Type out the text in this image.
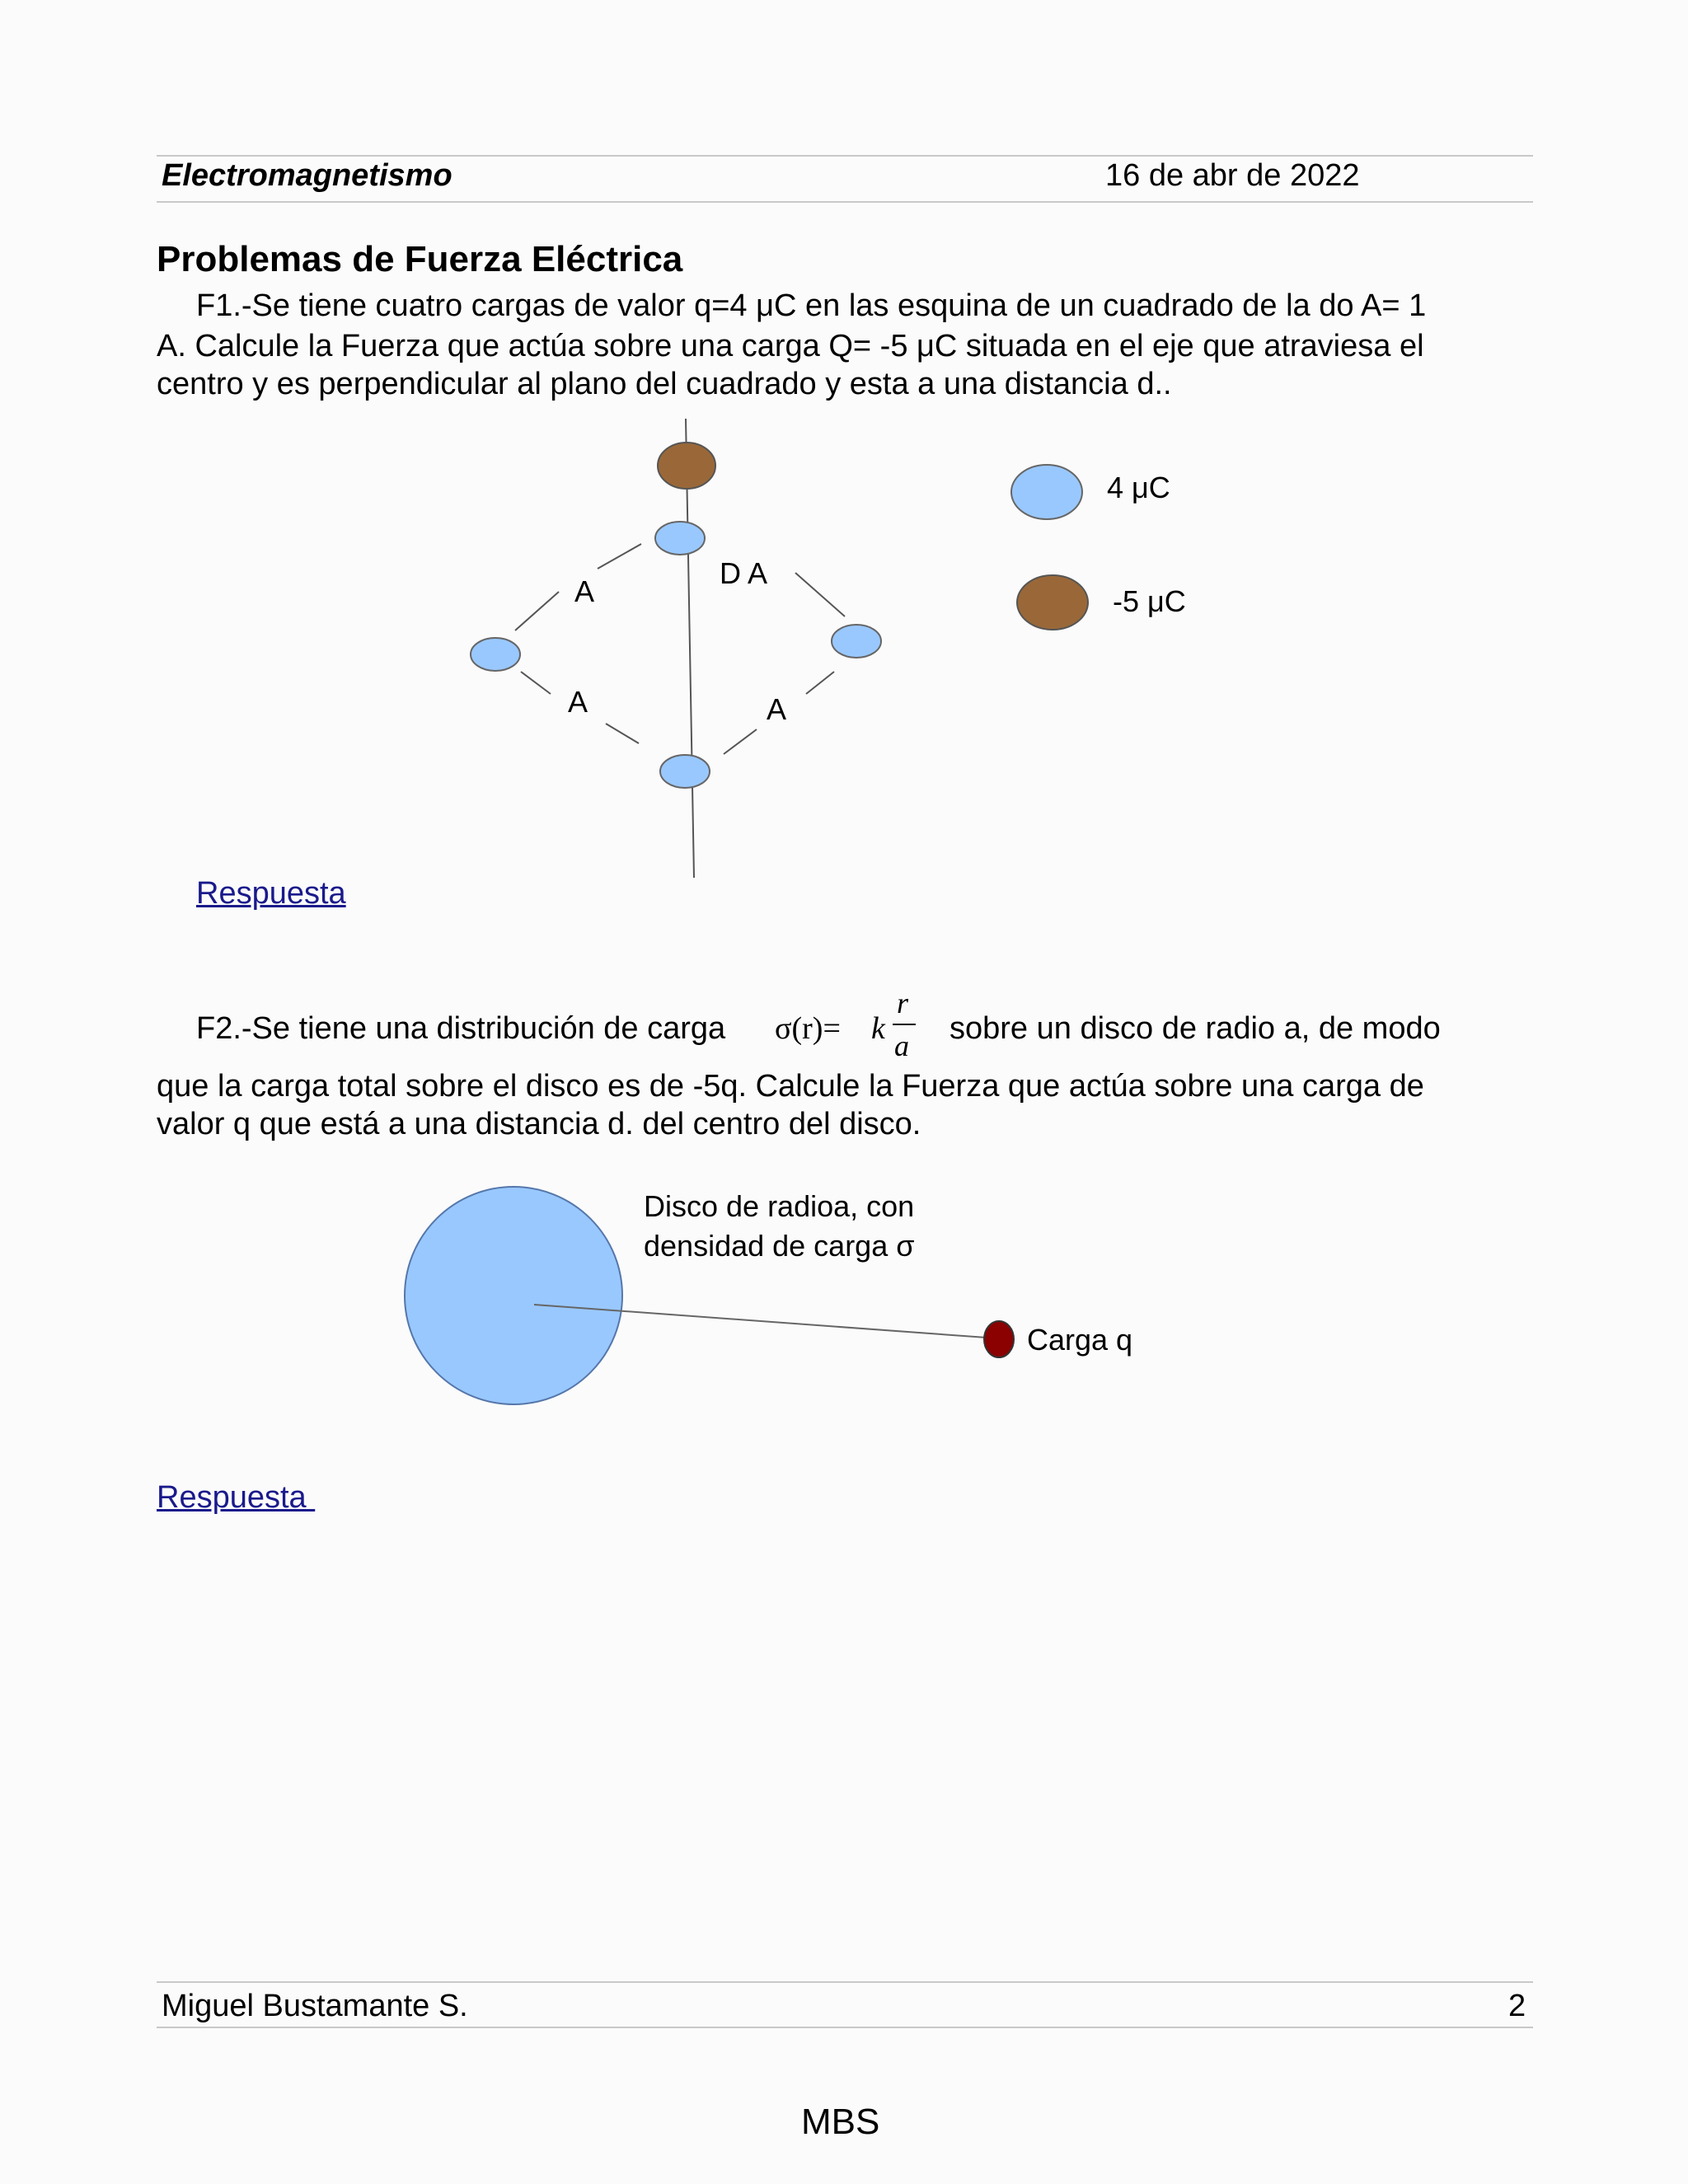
Electromagnetismo	16 de abr de 2022
Problemas de Fuerza Eléctrica
F1.-Se tiene cuatro cargas de valor q=4 μC en las esquina de un cuadrado de la do A= 1
A. Calcule la Fuerza que actúa sobre una carga Q= -5 μC situada en el eje que atraviesa el
centro y es perpendicular al plano del cuadrado y esta a una distancia d..
A
D A
A	A
4 μC
-5 μC
Respuesta
F2.-Se tiene una distribución de carga σ(r)= k
r
a sobre un disco de radio a, de modo
que la carga total sobre el disco es de -5q. Calcule la Fuerza que actúa sobre una carga de
valor q que está a una distancia d. del centro del disco.
Disco de radioa, con
densidad de carga σ
Carga q
Respuesta
Miguel Bustamante S.	2
MBS
